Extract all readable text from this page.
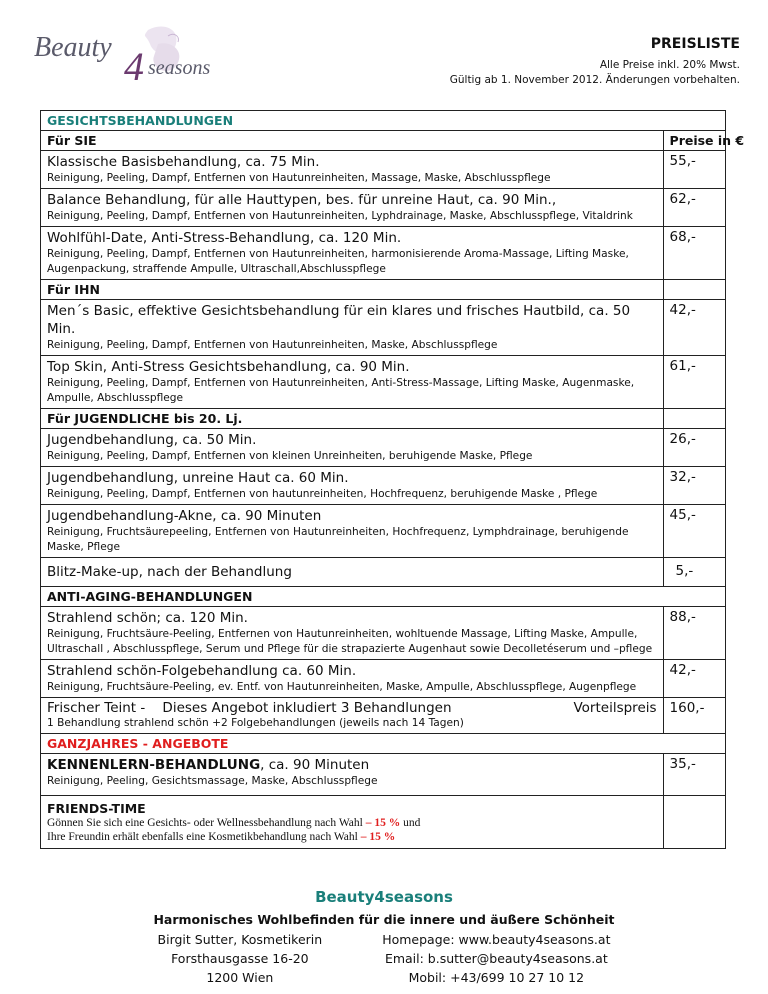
Beauty 4 seasons
PREISLISTE
Alle Preise inkl. 20% Mwst.
Gültig ab 1. November 2012. Änderungen vorbehalten.
GESICHTSBEHANDLUNGEN	
Für SIE	Preise in €

Klassische Basisbehandlung, ca. 75 Min.
Reinigung, Peeling, Dampf, Entfernen von Hautunreinheiten, Massage, Maske, Abschlusspflege	55,-

Balance Behandlung, für alle Hauttypen, bes. für unreine Haut, ca. 90 Min.,
Reinigung, Peeling, Dampf, Entfernen von Hautunreinheiten, Lyphdrainage, Maske, Abschlusspflege, Vitaldrink	62,-

Wohlfühl-Date, Anti-Stress-Behandlung, ca. 120 Min.
Reinigung, Peeling, Dampf, Entfernen von Hautunreinheiten, harmonisierende Aroma-Massage, Lifting Maske, Augenpackung, straffende Ampulle, Ultraschall,Abschlusspflege	68,-
Für IHN	

Men´s Basic, effektive Gesichtsbehandlung für ein klares und frisches Hautbild, ca. 50 Min.
Reinigung, Peeling, Dampf, Entfernen von Hautunreinheiten, Maske, Abschlusspflege	42,-

Top Skin, Anti-Stress Gesichtsbehandlung, ca. 90 Min.
Reinigung, Peeling, Dampf, Entfernen von Hautunreinheiten, Anti-Stress-Massage, Lifting Maske, Augenmaske, Ampulle, Abschlusspflege	61,-
Für JUGENDLICHE bis 20. Lj.	

Jugendbehandlung, ca. 50 Min.
Reinigung, Peeling, Dampf, Entfernen von kleinen Unreinheiten, beruhigende Maske, Pflege	26,-

Jugendbehandlung, unreine Haut ca. 60 Min.
Reinigung, Peeling, Dampf, Entfernen von hautunreinheiten, Hochfrequenz, beruhigende Maske , Pflege	32,-

Jugendbehandlung-Akne, ca. 90 Minuten
Reinigung, Fruchtsäurepeeling, Entfernen von Hautunreinheiten, Hochfrequenz, Lymphdrainage, beruhigende Maske, Pflege	45,-

Blitz-Make-up, nach der Behandlung	5,-
ANTI-AGING-BEHANDLUNGEN	

Strahlend schön; ca. 120 Min.
Reinigung, Fruchtsäure-Peeling, Entfernen von Hautunreinheiten, wohltuende Massage, Lifting Maske, Ampulle, Ultraschall , Abschlusspflege, Serum und Pflege für die strapazierte Augenhaut sowie Decolletéserum und –pflege	88,-

Strahlend schön-Folgebehandlung ca. 60 Min.
Reinigung, Fruchtsäure-Peeling, ev. Entf. von Hautunreinheiten, Maske, Ampulle, Abschlusspflege, Augenpflege	42,-

Frischer Teint -    Dieses Angebot inkludiert 3 Behandlungen Vorteilspreis
1 Behandlung strahlend schön +2 Folgebehandlungen (jeweils nach 14 Tagen)	160,-
GANZJAHRES - ANGEBOTE	

KENNENLERN-BEHANDLUNG, ca. 90 Minuten
Reinigung, Peeling, Gesichtsmassage, Maske, Abschlusspflege	35,-

FRIENDS-TIME
Gönnen Sie sich eine Gesichts- oder Wellnessbehandlung nach Wahl – 15 % und
Ihre Freundin erhält ebenfalls eine Kosmetikbehandlung nach Wahl – 15 %	

Beauty4seasons
Harmonisches Wohlbefinden für die innere und äußere Schönheit
Birgit Sutter, Kosmetikerin
Forsthausgasse 16-20
1200 Wien
Homepage: www.beauty4seasons.at
Email: b.sutter@beauty4seasons.at
Mobil: +43/699 10 27 10 12
